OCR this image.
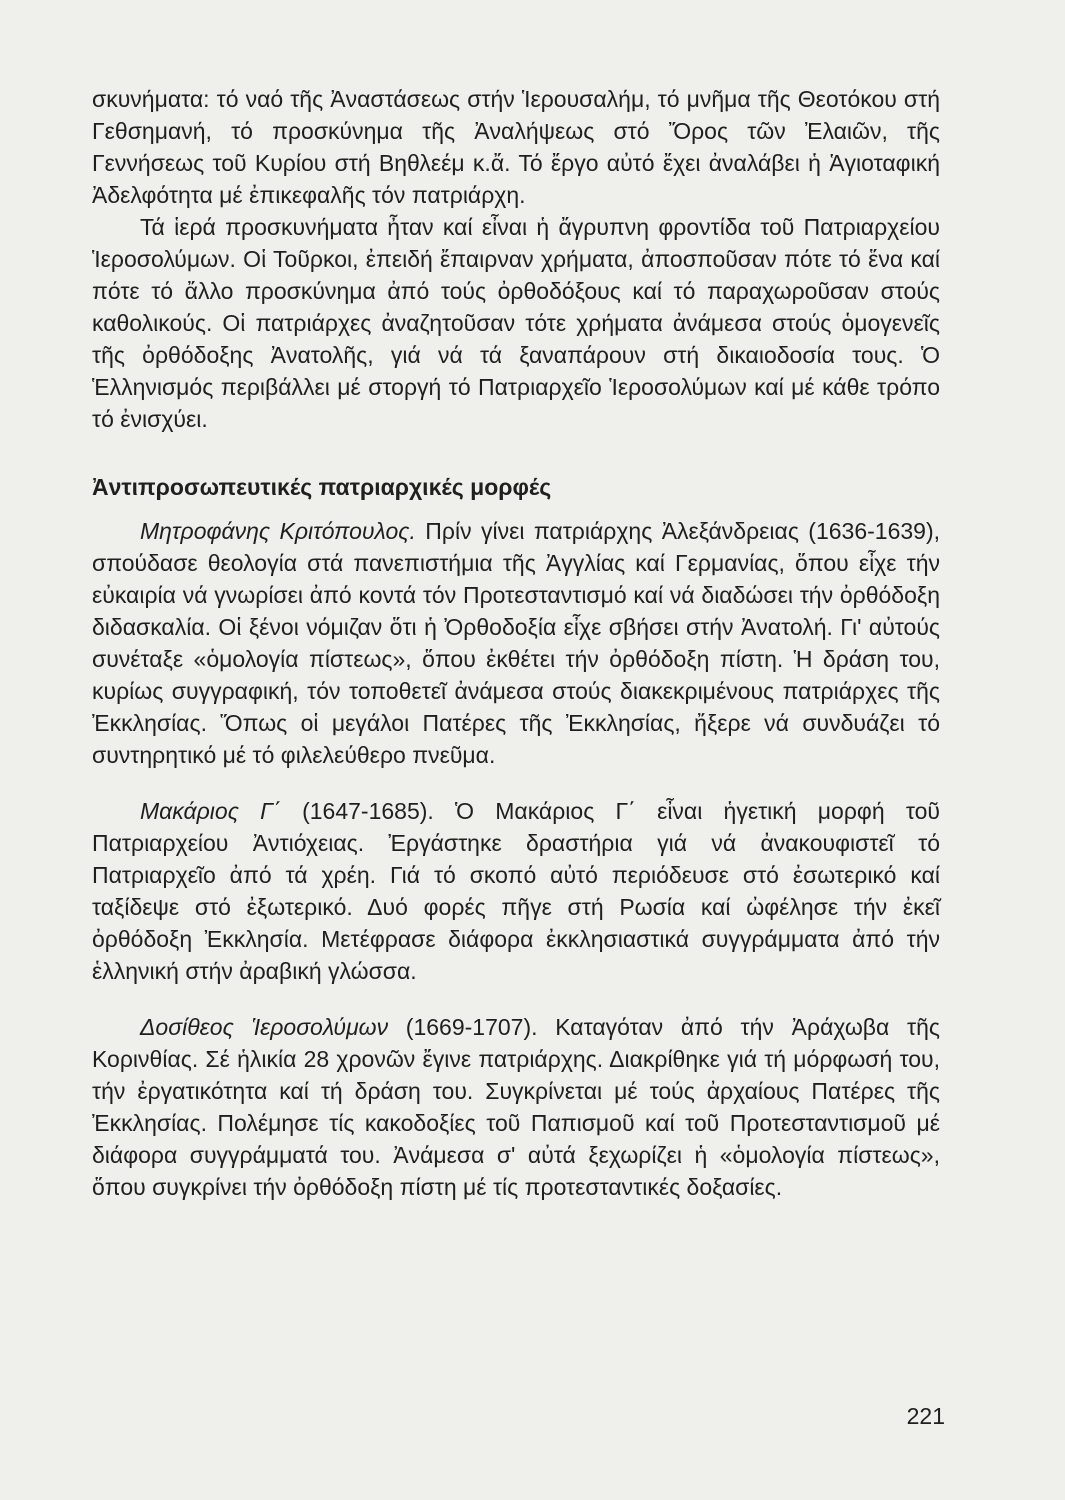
σκυνήματα: τό ναό τῆς Ἀναστάσεως στήν Ἱερουσαλήμ, τό μνῆμα τῆς Θεοτόκου στή Γεθσημανή, τό προσκύνημα τῆς Ἀναλήψεως στό Ὄρος τῶν Ἐλαιῶν, τῆς Γεννήσεως τοῦ Κυρίου στή Βηθλεέμ κ.ἄ. Τό ἔργο αὐτό ἔχει ἀναλάβει ἡ Ἁγιοταφική Ἀδελφότητα μέ ἐπικεφαλῆς τόν πατριάρχη.

Τά ἱερά προσκυνήματα ἦταν καί εἶναι ἡ ἄγρυπνη φροντίδα τοῦ Πατριαρχείου Ἱεροσολύμων. Οἱ Τοῦρκοι, ἐπειδή ἔπαιρναν χρήματα, ἀποσποῦσαν πότε τό ἕνα καί πότε τό ἄλλο προσκύνημα ἀπό τούς ὀρθοδόξους καί τό παραχωροῦσαν στούς καθολικούς. Οἱ πατριάρχες ἀναζητοῦσαν τότε χρήματα ἀνάμεσα στούς ὁμογενεῖς τῆς ὀρθόδοξης Ἀνατολῆς, γιά νά τά ξαναπάρουν στή δικαιοδοσία τους. Ὁ Ἑλληνισμός περιβάλλει μέ στοργή τό Πατριαρχεῖο Ἱεροσολύμων καί μέ κάθε τρόπο τό ἐνισχύει.

Ἀντιπροσωπευτικές πατριαρχικές μορφές

Μητροφάνης Κριτόπουλος. Πρίν γίνει πατριάρχης Ἀλεξάνδρειας (1636-1639), σπούδασε θεολογία στά πανεπιστήμια τῆς Ἀγγλίας καί Γερμανίας, ὅπου εἶχε τήν εὐκαιρία νά γνωρίσει ἀπό κοντά τόν Προτεσταντισμό καί νά διαδώσει τήν ὀρθόδοξη διδασκαλία. Οἱ ξένοι νόμιζαν ὅτι ἡ Ὀρθοδοξία εἶχε σβήσει στήν Ἀνατολή. Γι' αὐτούς συνέταξε «ὁμολογία πίστεως», ὅπου ἐκθέτει τήν ὀρθόδοξη πίστη. Ἡ δράση του, κυρίως συγγραφική, τόν τοποθετεῖ ἀνάμεσα στούς διακεκριμένους πατριάρχες τῆς Ἐκκλησίας. Ὅπως οἱ μεγάλοι Πατέρες τῆς Ἐκκλησίας, ἤξερε νά συνδυάζει τό συντηρητικό μέ τό φιλελεύθερο πνεῦμα.

Μακάριος Γ΄ (1647-1685). Ὁ Μακάριος Γ΄ εἶναι ἡγετική μορφή τοῦ Πατριαρχείου Ἀντιόχειας. Ἐργάστηκε δραστήρια γιά νά ἀνακουφιστεῖ τό Πατριαρχεῖο ἀπό τά χρέη. Γιά τό σκοπό αὐτό περιόδευσε στό ἐσωτερικό καί ταξίδεψε στό ἐξωτερικό. Δυό φορές πῆγε στή Ρωσία καί ὠφέλησε τήν ἐκεῖ ὀρθόδοξη Ἐκκλησία. Μετέφρασε διάφορα ἐκκλησιαστικά συγγράμματα ἀπό τήν ἑλληνική στήν ἀραβική γλώσσα.

Δοσίθεος Ἱεροσολύμων (1669-1707). Καταγόταν ἀπό τήν Ἀράχωβα τῆς Κορινθίας. Σέ ἡλικία 28 χρονῶν ἔγινε πατριάρχης. Διακρίθηκε γιά τή μόρφωσή του, τήν ἐργατικότητα καί τή δράση του. Συγκρίνεται μέ τούς ἀρχαίους Πατέρες τῆς Ἐκκλησίας. Πολέμησε τίς κακοδοξίες τοῦ Παπισμοῦ καί τοῦ Προτεσταντισμοῦ μέ διάφορα συγγράμματά του. Ἀνάμεσα σ' αὐτά ξεχωρίζει ἡ «ὁμολογία πίστεως», ὅπου συγκρίνει τήν ὀρθόδοξη πίστη μέ τίς προτεσταντικές δοξασίες.

221
